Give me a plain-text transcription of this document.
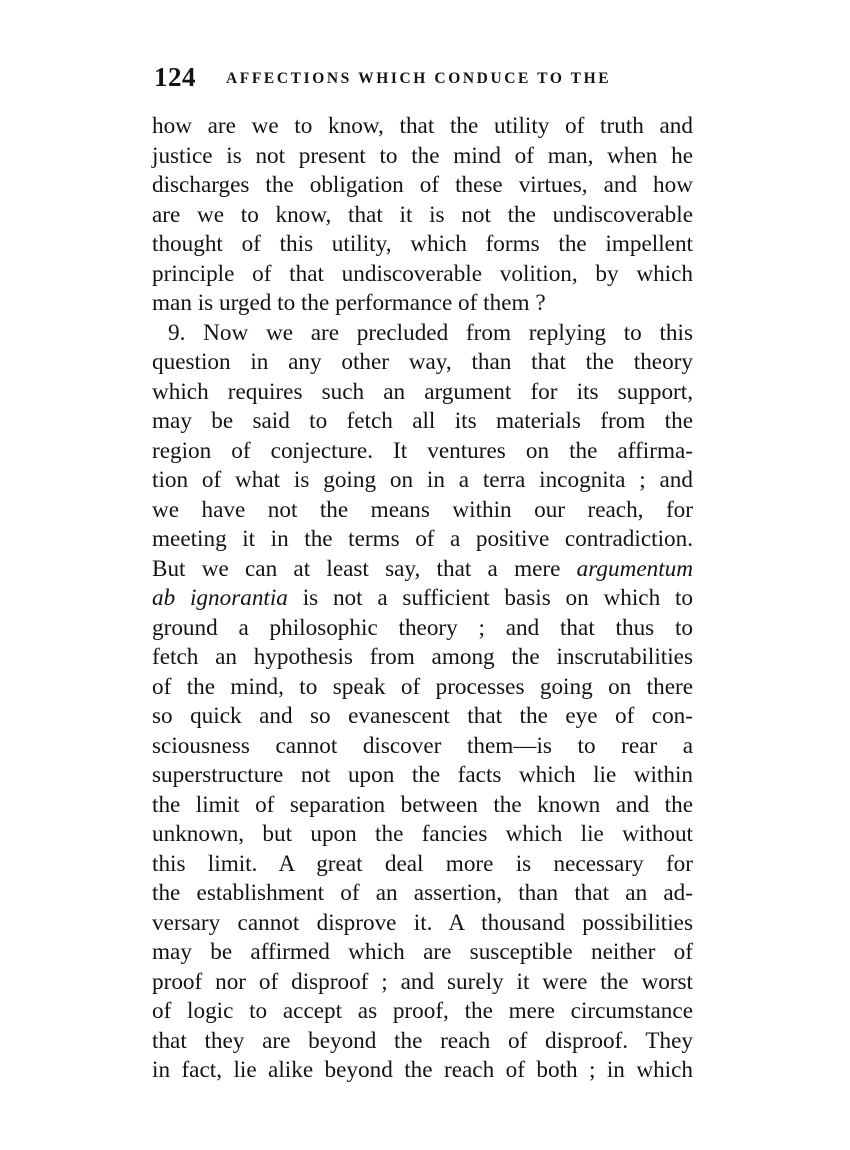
124 AFFECTIONS WHICH CONDUCE TO THE
how are we to know, that the utility of truth and
justice is not present to the mind of man, when he
discharges the obligation of these virtues, and how
are we to know, that it is not the undiscoverable
thought of this utility, which forms the impellent
principle of that undiscoverable volition, by which
man is urged to the performance of them ?
9. Now we are precluded from replying to this
question in any other way, than that the theory
which requires such an argument for its support,
may be said to fetch all its materials from the
region of conjecture. It ventures on the affirma-
tion of what is going on in a terra incognita ; and
we have not the means within our reach, for
meeting it in the terms of a positive contradiction.
But we can at least say, that a mere argumentum
ab ignorantia is not a sufficient basis on which to
ground a philosophic theory ; and that thus to
fetch an hypothesis from among the inscrutabilities
of the mind, to speak of processes going on there
so quick and so evanescent that the eye of con-
sciousness cannot discover them—is to rear a
superstructure not upon the facts which lie within
the limit of separation between the known and the
unknown, but upon the fancies which lie without
this limit. A great deal more is necessary for
the establishment of an assertion, than that an ad-
versary cannot disprove it. A thousand possibilities
may be affirmed which are susceptible neither of
proof nor of disproof ; and surely it were the worst
of logic to accept as proof, the mere circumstance
that they are beyond the reach of disproof. They
in fact, lie alike beyond the reach of both ; in which
